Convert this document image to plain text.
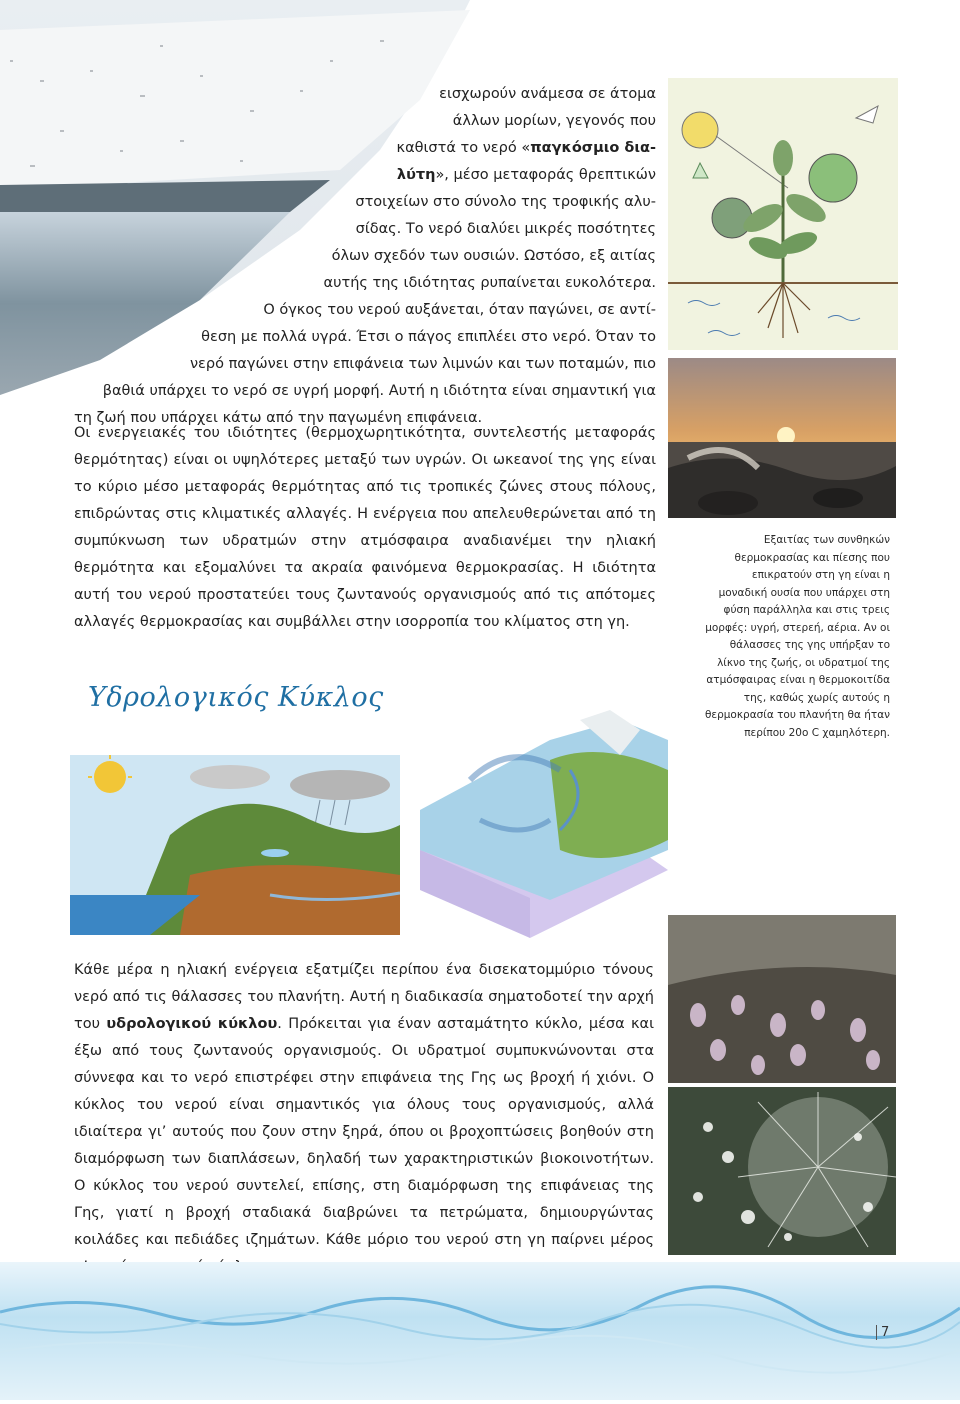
Εξαιτίας των συνθηκών θερμοκρασίας και πίεσης που επικρατούν στη γη είναι η μοναδική ουσία που υπάρχει στη φύση παράλληλα και στις τρεις μορφές: υγρή, στερεή, αέρια. Αν οι θάλασσες της γης υπήρξαν το λίκνο της ζωής, οι υδρατμοί της ατμόσφαιρας είναι η θερμοκοιτίδα της, καθώς χωρίς αυτούς η θερμοκρασία του πλανήτη θα ήταν περίπου 20ο C χαμηλότερη.
εισχωρούν ανάμεσα σε άτομα
άλλων μορίων, γεγονός που
καθιστά το νερό «παγκόσμιο δια-
λύτη», μέσο μεταφοράς θρεπτικών
στοιχείων στο σύνολο της τροφικής αλυ-
σίδας. Το νερό διαλύει μικρές ποσότητες
όλων σχεδόν των ουσιών. Ωστόσο, εξ αιτίας
αυτής της ιδιότητας ρυπαίνεται ευκολότερα.
Ο όγκος του νερού αυξάνεται, όταν παγώνει, σε αντί-
θεση με πολλά υγρά. Έτσι ο πάγος επιπλέει στο νερό. Όταν το
νερό παγώνει στην επιφάνεια των λιμνών και των ποταμών, πιο
βαθιά υπάρχει το νερό σε υγρή μορφή. Αυτή η ιδιότητα είναι σημαντική για
τη ζωή που υπάρχει κάτω από την παγωμένη επιφάνεια.

Οι ενεργειακές του ιδιότητες (θερμοχωρητικότητα, συντελεστής μεταφοράς θερμότητας) είναι οι υψηλότερες μεταξύ των υγρών. Οι ωκεανοί της γης είναι το κύριο μέσο μεταφοράς θερμότητας από τις τροπικές ζώνες στους πόλους, επιδρώντας στις κλιματικές αλλαγές. Η ενέργεια που απελευθερώνεται από τη συμπύκνωση των υδρατμών στην ατμόσφαιρα αναδιανέμει την ηλιακή θερμότητα και εξομαλύνει τα ακραία φαινόμενα θερμοκρασίας. Η ιδιότητα αυτή του νερού προστατεύει τους ζωντανούς οργανισμούς από τις απότομες αλλαγές θερμοκρασίας και συμβάλλει στην ισορροπία του κλίματος στη γη.

Υδρολογικός Κύκλος

Κάθε μέρα η ηλιακή ενέργεια εξατμίζει περίπου ένα δισεκατομμύριο τόνους νερό από τις θάλασσες του πλανήτη. Αυτή η διαδικασία σηματοδοτεί την αρχή του υδρολογικού κύκλου. Πρόκειται για έναν ασταμάτητο κύκλο, μέσα και έξω από τους ζωντανούς οργανισμούς. Οι υδρατμοί συμπυκνώνονται στα σύννεφα και το νερό επιστρέφει στην επιφάνεια της Γης ως βροχή ή χιόνι. Ο κύκλος του νερού είναι σημαντικός για όλους τους οργανισμούς, αλλά ιδιαίτερα γι’ αυτούς που ζουν στην ξηρά, όπου οι βροχοπτώσεις βοηθούν στη διαμόρφωση των διαπλάσεων, δηλαδή των χαρακτηριστικών βιοκοινοτήτων. Ο κύκλος του νερού συντελεί, επίσης, στη διαμόρφωση της επιφάνειας της Γης, γιατί η βροχή σταδιακά διαβρώνει τα πετρώματα, δημιουργώντας κοιλάδες και πεδιάδες ιζημάτων. Κάθε μόριο του νερού στη γη παίρνει μέρος

7
